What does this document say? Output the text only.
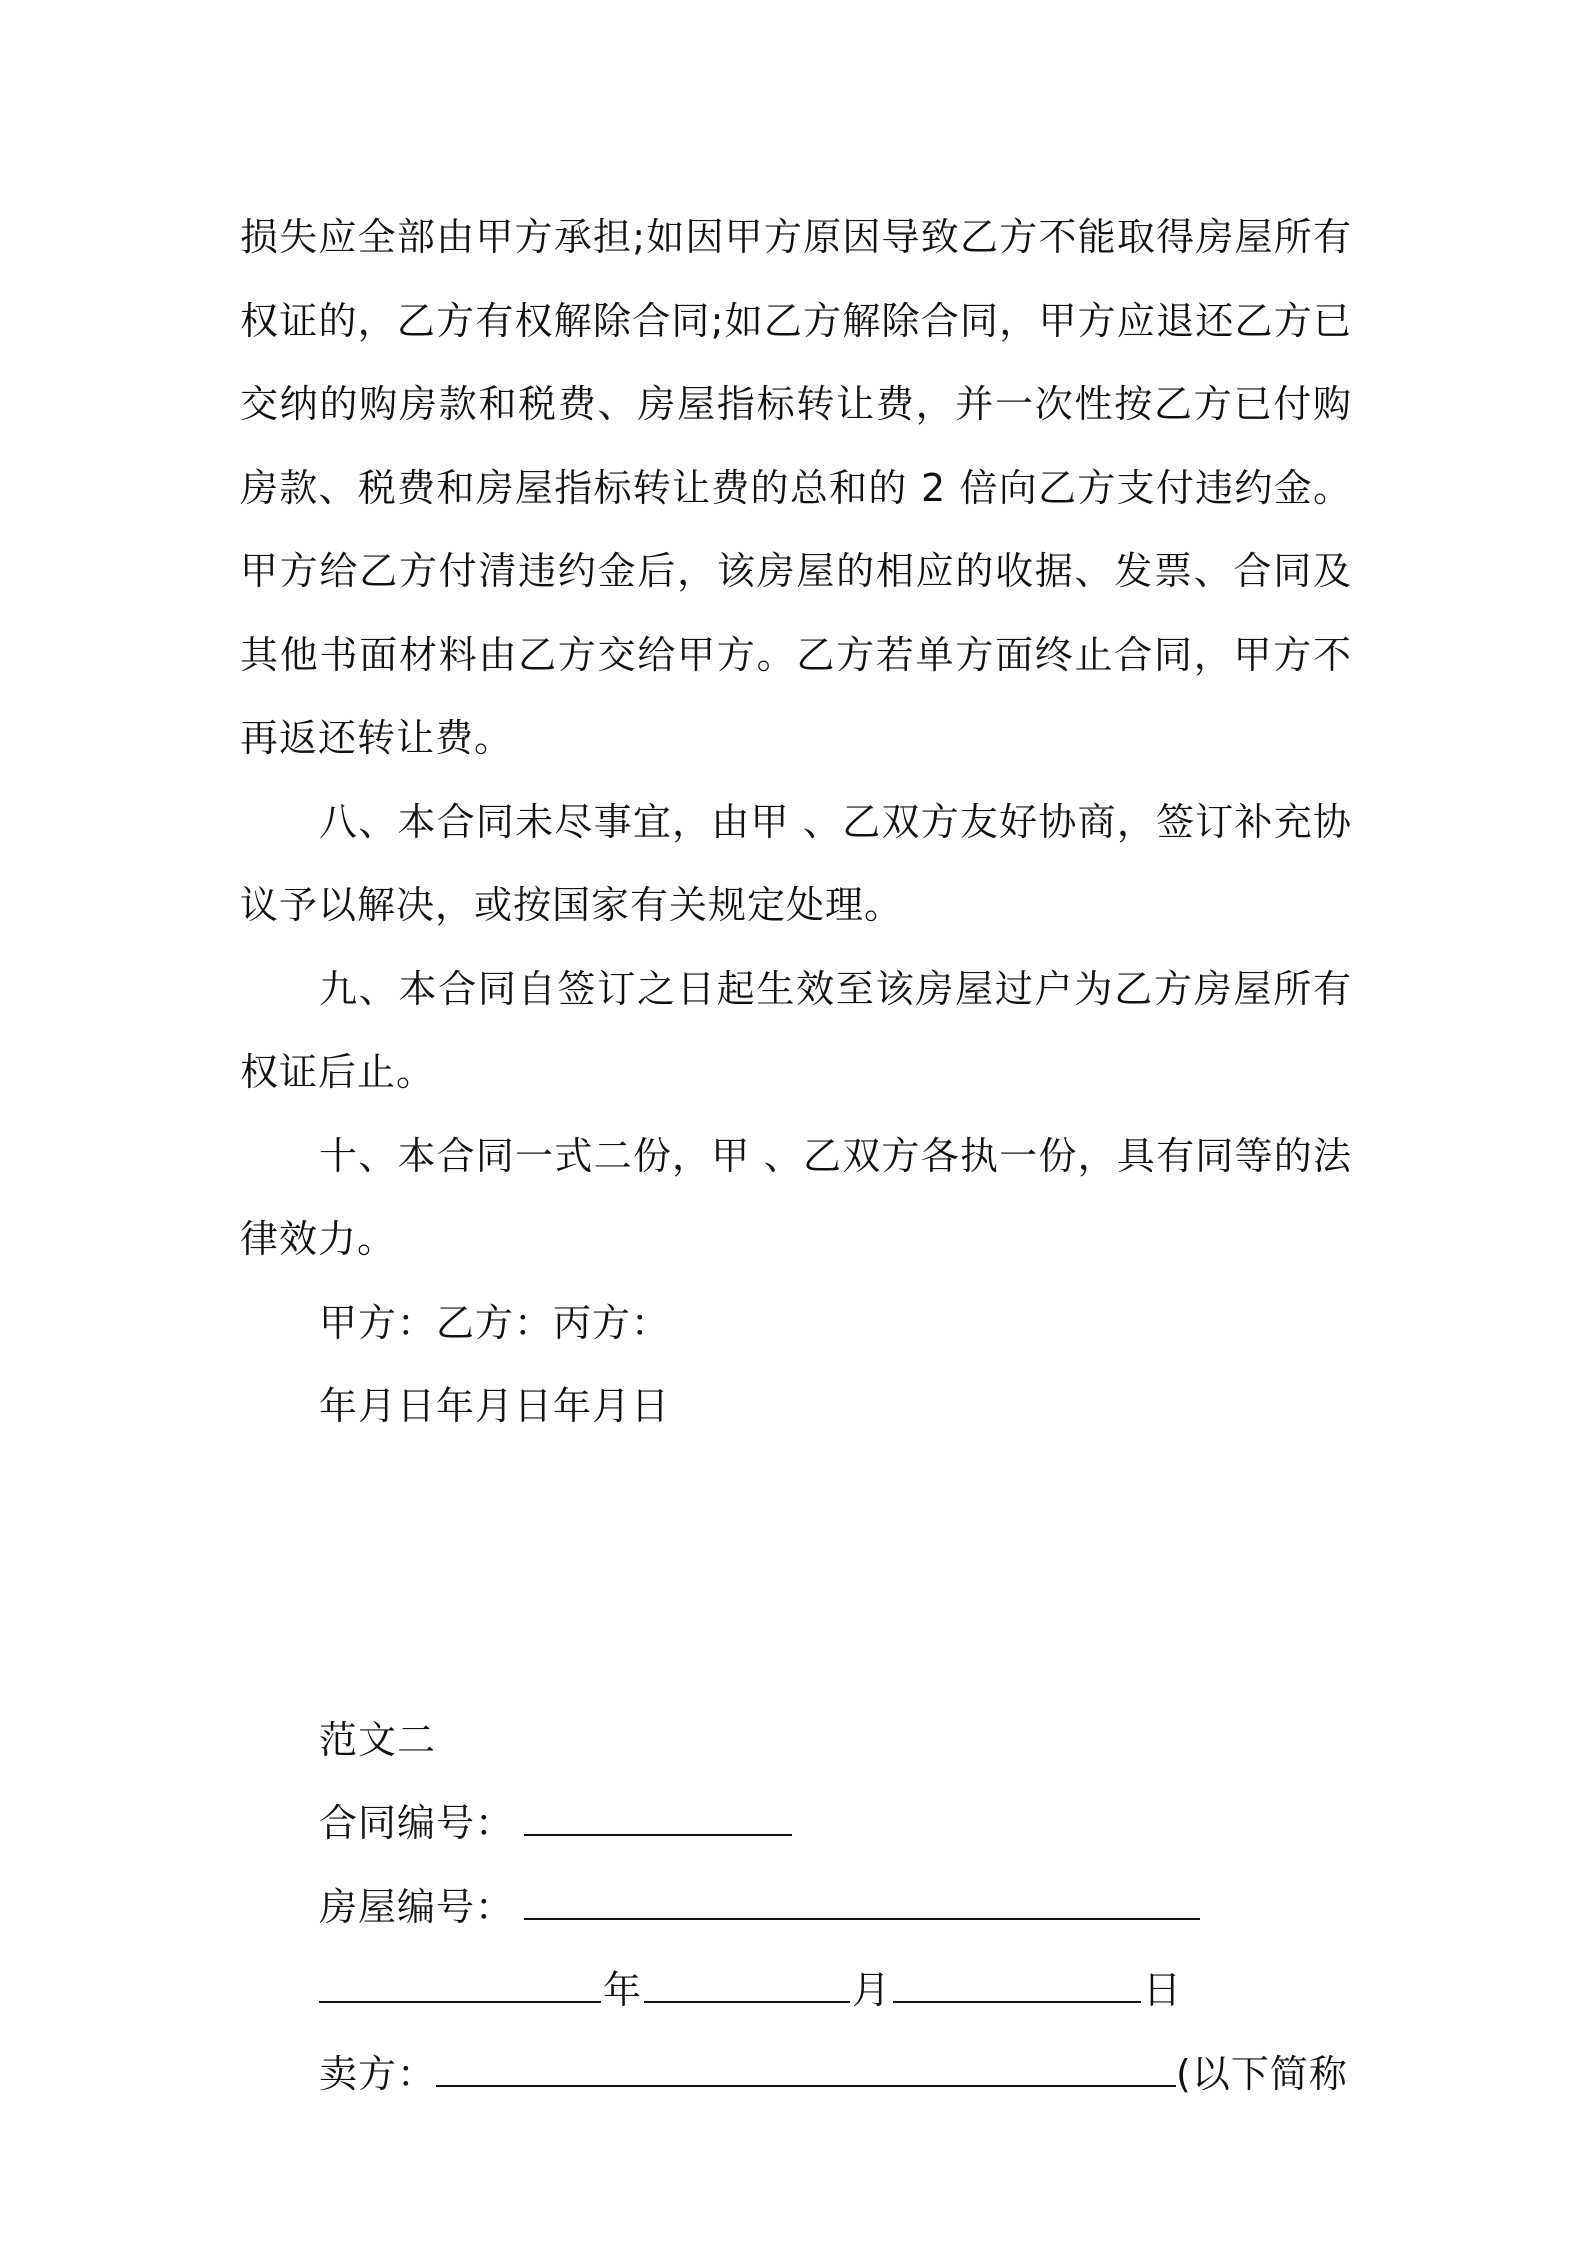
损失应全部由甲方承担;如因甲方原因导致乙方不能取得房屋所有权证的，乙方有权解除合同;如乙方解除合同，甲方应退还乙方已交纳的购房款和税费、房屋指标转让费，并一次性按乙方已付购房款、税费和房屋指标转让费的总和的 2 倍向乙方支付违约金。甲方给乙方付清违约金后，该房屋的相应的收据、发票、合同及其他书面材料由乙方交给甲方。乙方若单方面终止合同，甲方不再返还转让费。

八、本合同未尽事宜，由甲 、乙双方友好协商，签订补充协议予以解决，或按国家有关规定处理。

九、本合同自签订之日起生效至该房屋过户为乙方房屋所有权证后止。

十、本合同一式二份，甲 、乙双方各执一份，具有同等的法律效力。

甲方：乙方：丙方：

年月日年月日年月日

范文二

合同编号：

房屋编号：

年	月	日
卖方：	(以下简称
